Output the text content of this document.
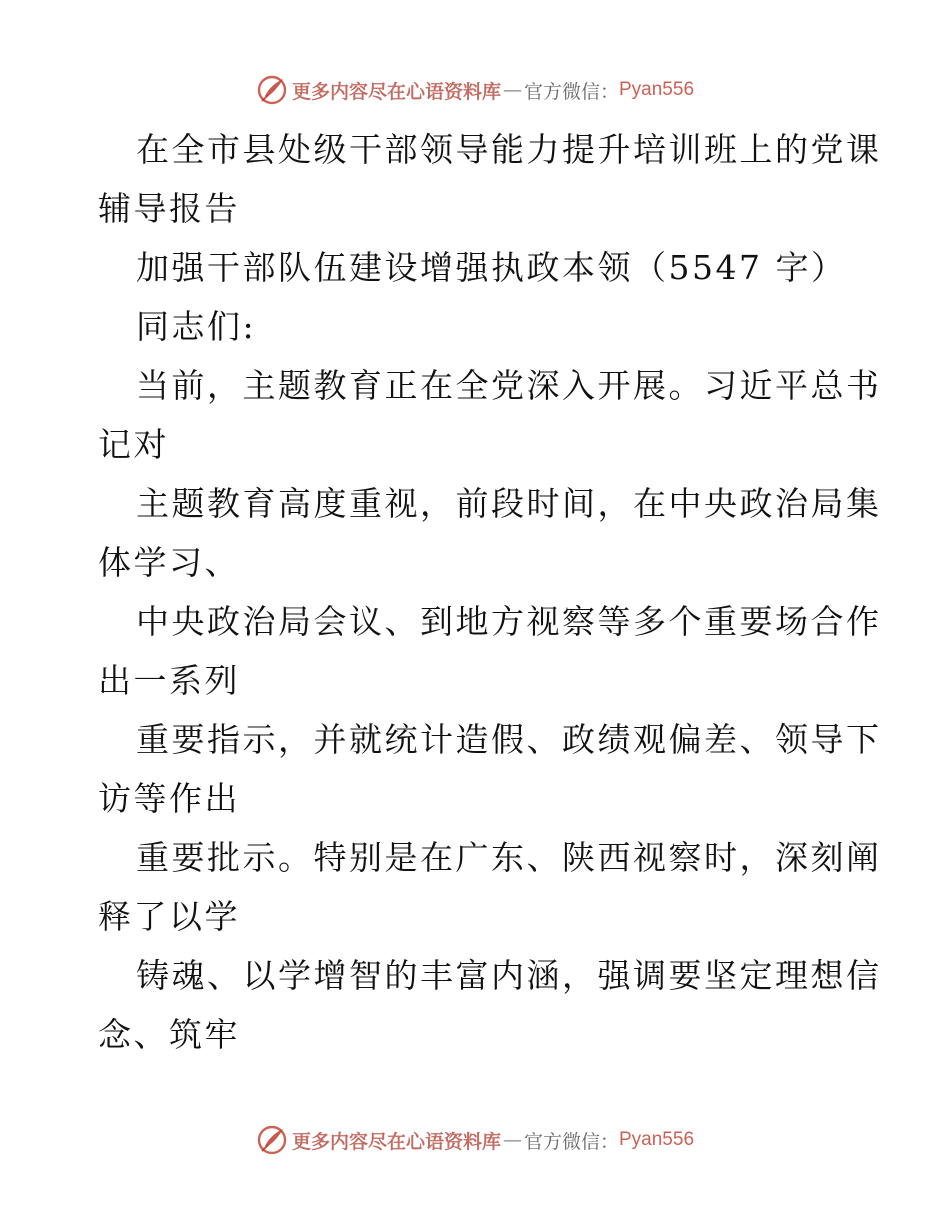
更多内容尽在心语资料库 — 官方微信： Pyan556
在全市县处级干部领导能力提升培训班上的党课
辅导报告
加强干部队伍建设增强执政本领（5547 字）
同志们:
当前，主题教育正在全党深入开展。习近平总书
记对
主题教育高度重视，前段时间，在中央政治局集
体学习、
中央政治局会议、到地方视察等多个重要场合作
出一系列
重要指示，并就统计造假、政绩观偏差、领导下
访等作出
重要批示。特别是在广东、陕西视察时，深刻阐
释了以学
铸魂、以学增智的丰富内涵，强调要坚定理想信
念、筑牢
更多内容尽在心语资料库 — 官方微信： Pyan556
